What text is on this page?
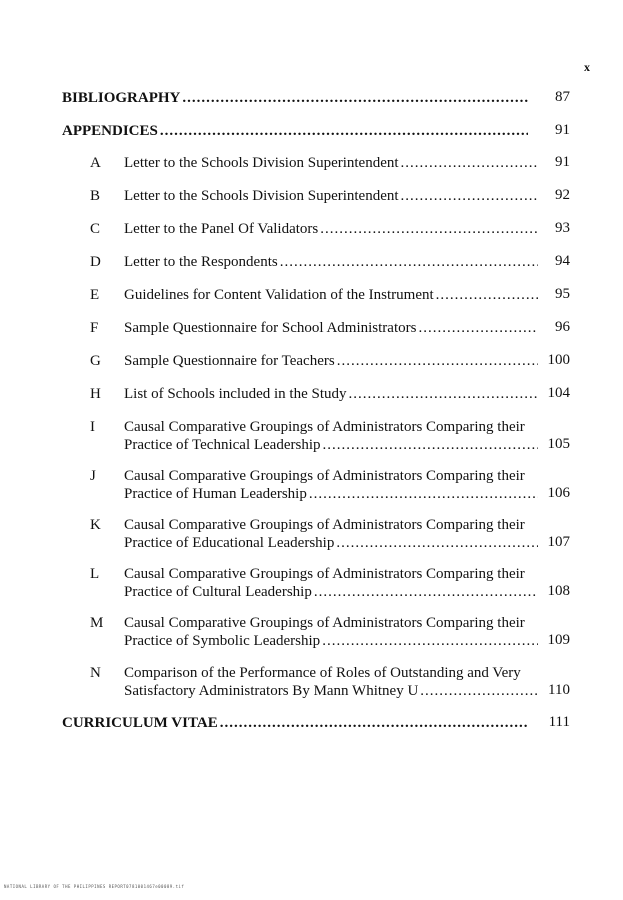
x
BIBLIOGRAPHY .....	87
APPENDICES .....	91
A	Letter to the Schools Division Superintendent .....	91
B	Letter to the Schools Division Superintendent .....	92
C	Letter to the Panel Of Validators .....	93
D	Letter to the Respondents .....	94
E	Guidelines for Content Validation of the Instrument .....	95
F	Sample Questionnaire for School Administrators .....	96
G	Sample Questionnaire for Teachers .....	100
H	List of Schools included in the Study .....	104
I	Causal Comparative Groupings of Administrators Comparing their
Practice of Technical Leadership .....	105
J	Causal Comparative Groupings of Administrators Comparing their
Practice of Human Leadership .....	106
K	Causal Comparative Groupings of Administrators Comparing their
Practice of Educational Leadership .....	107
L	Causal Comparative Groupings of Administrators Comparing their
Practice of Cultural Leadership .....	108
M	Causal Comparative Groupings of Administrators Comparing their
Practice of Symbolic Leadership .....	109
N	Comparison of the Performance of Roles of Outstanding and Very
Satisfactory Administrators By Mann Whitney U .....	110
CURRICULUM VITAE .....	111
NATIONAL LIBRARY OF THE PHILIPPINES REPORT0781001467e00089.tif
